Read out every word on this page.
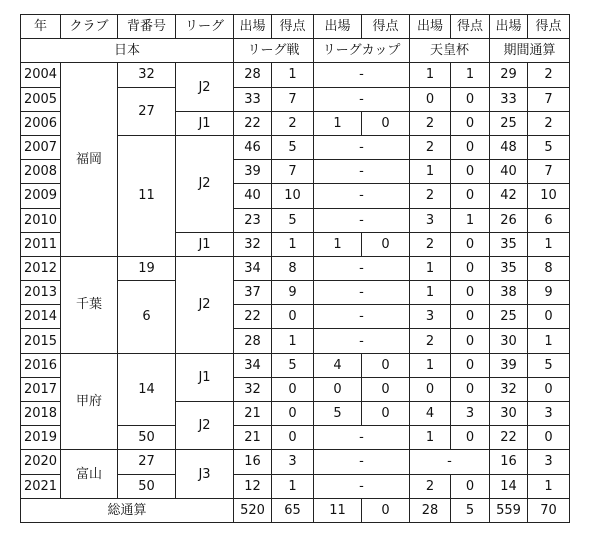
年	クラブ	背番号	リーグ	出場	得点	出場	得点	出場	得点	出場	得点
日本				リーグ戦		リーグカップ		天皇杯		期間通算	
2004	福岡	32	J2	28	1	-		1	1	29	2
2005		27		33	7	-		0	0	33	7
2006			J1	22	2	1	0	2	0	25	2
2007		11	J2	46	5	-		2	0	48	5
2008				39	7	-		1	0	40	7
2009				40	10	-		2	0	42	10
2010				23	5	-		3	1	26	6
2011			J1	32	1	1	0	2	0	35	1
2012	千葉	19	J2	34	8	-		1	0	35	8
2013		6		37	9	-		1	0	38	9
2014				22	0	-		3	0	25	0
2015				28	1	-		2	0	30	1
2016	甲府	14	J1	34	5	4	0	1	0	39	5
2017				32	0	0	0	0	0	32	0
2018			J2	21	0	5	0	4	3	30	3
2019		50		21	0	-		1	0	22	0
2020	富山	27	J3	16	3	-		-		16	3
2021		50		12	1	-		2	0	14	1
総通算				520	65	11	0	28	5	559	70
